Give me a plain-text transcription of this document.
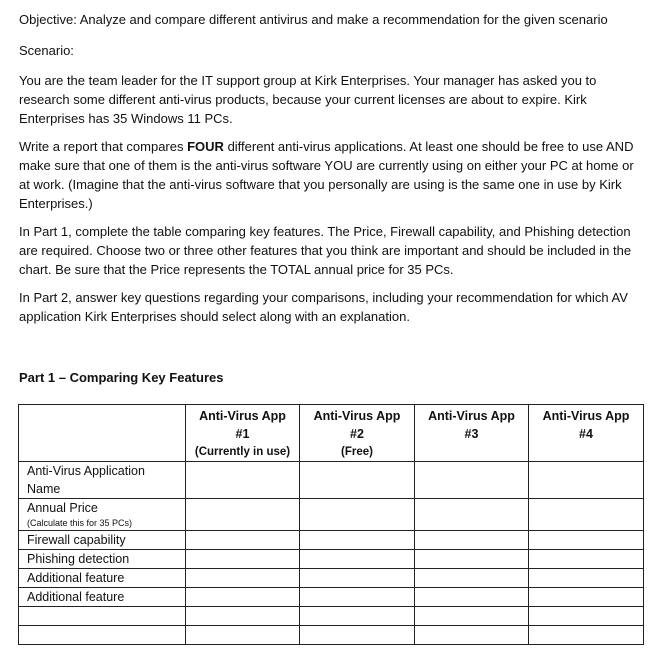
Objective: Analyze and compare different antivirus and make a recommendation for the given scenario
Scenario:

You are the team leader for the IT support group at Kirk Enterprises. Your manager has asked you to research some different anti-virus products, because your current licenses are about to expire. Kirk Enterprises has 35 Windows 11 PCs.

Write a report that compares FOUR different anti-virus applications. At least one should be free to use AND make sure that one of them is the anti-virus software YOU are currently using on either your PC at home or at work. (Imagine that the anti-virus software that you personally are using is the same one in use by Kirk Enterprises.)

In Part 1, complete the table comparing key features. The Price, Firewall capability, and Phishing detection are required. Choose two or three other features that you think are important and should be included in the chart. Be sure that the Price represents the TOTAL annual price for 35 PCs.

In Part 2, answer key questions regarding your comparisons, including your recommendation for which AV application Kirk Enterprises should select along with an explanation.

Part 1 – Comparing Key Features
	Anti-Virus App
#1
(Currently in use)	Anti-Virus App
#2
(Free)	Anti-Virus App
#3	Anti-Virus App
#4

Anti-Virus Application Name				
Annual Price
(Calculate this for 35 PCs)				

Firewall capability				
Phishing detection				
Additional feature				
Additional feature				
